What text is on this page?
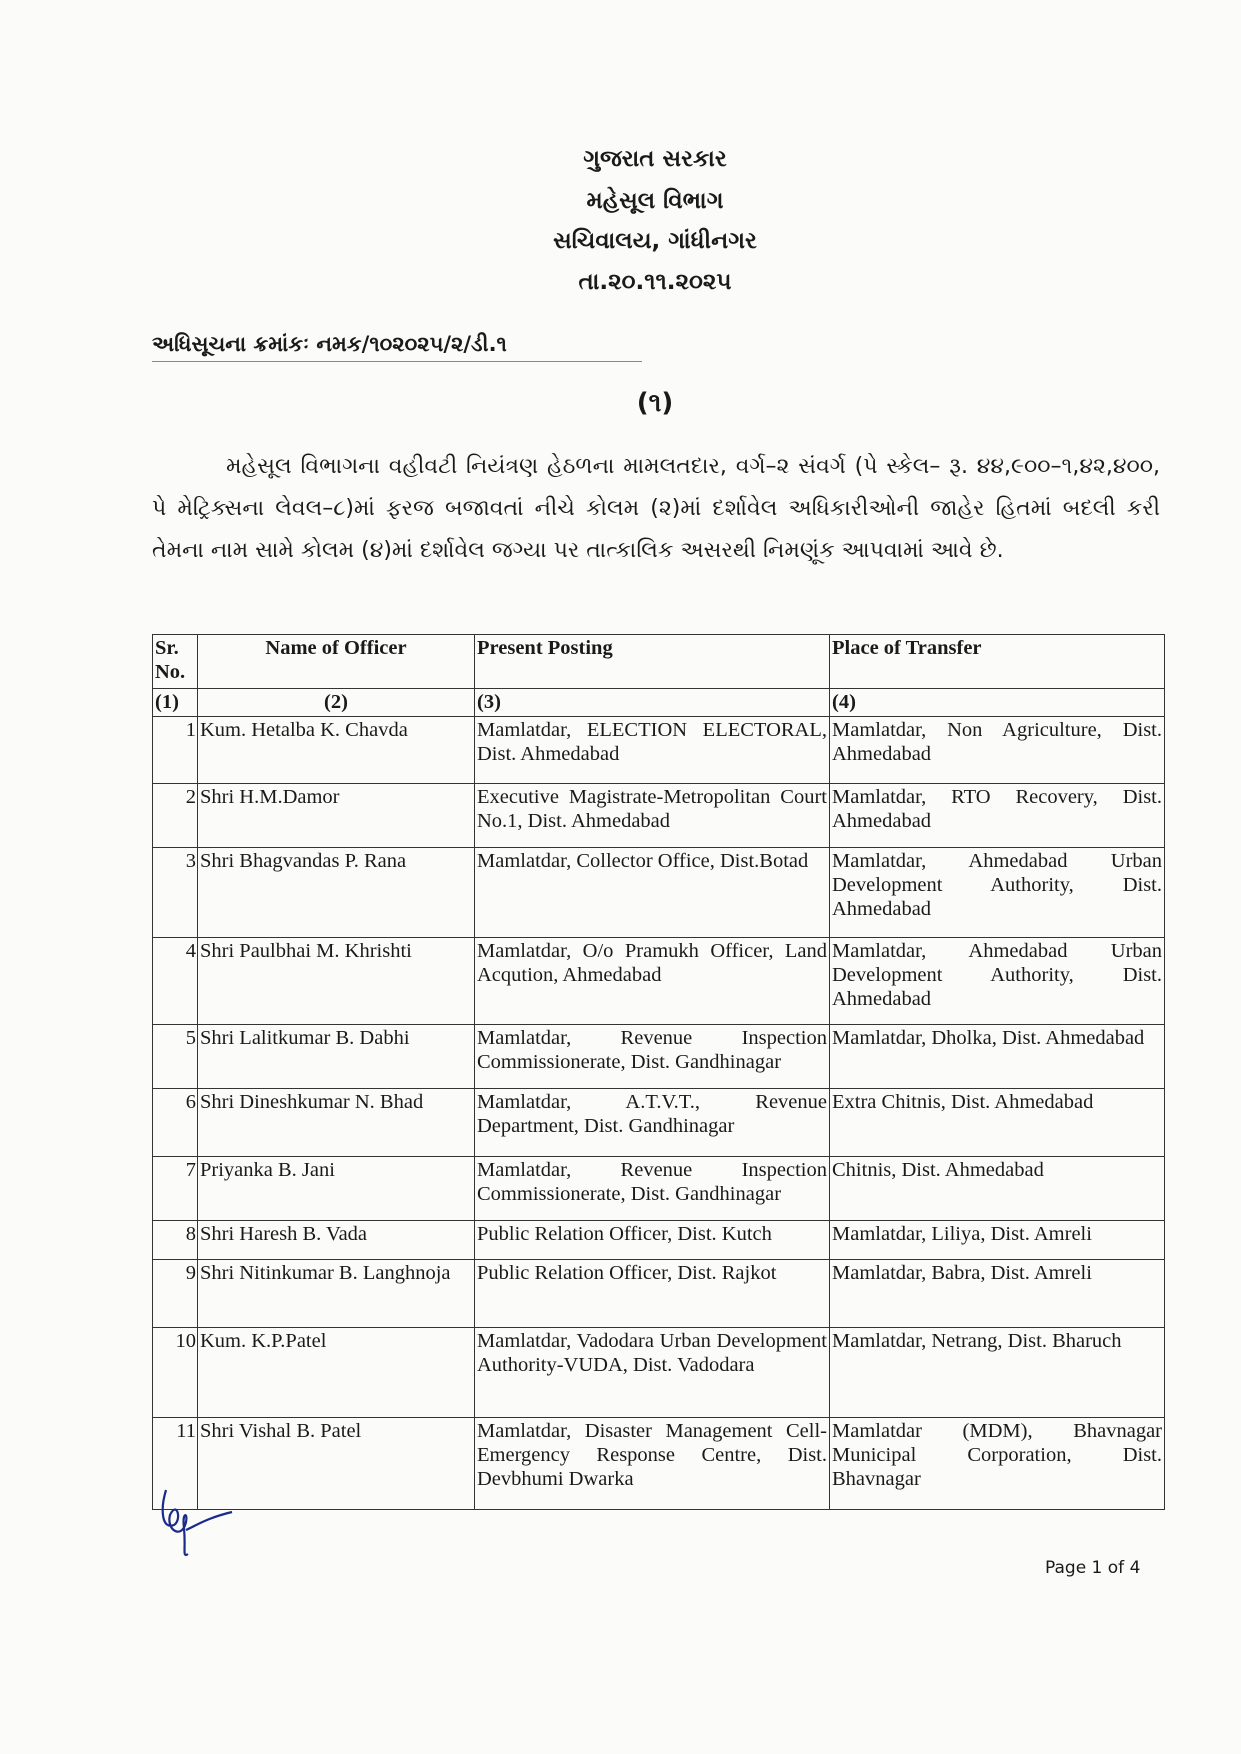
ગુજરાત સરકાર
મહેસૂલ વિભાગ
સચિવાલય, ગાંધીનગર
તા.૨૦.૧૧.૨૦૨૫
અધિસૂચના ક્રમાંકઃ નમક/૧૦૨૦૨૫/૨/ડી.૧
(૧)
મહેસૂલ વિભાગના વહીવટી નિયંત્રણ હેઠળના મામલતદાર, વર્ગ–૨ સંવર્ગ (પે સ્કેલ– રૂ. ૪૪,૯૦૦–૧,૪૨,૪૦૦, પે મેટ્રિક્સના લેવલ–૮)માં ફરજ બજાવતાં નીચે કોલમ (૨)માં દર્શાવેલ અધિકારીઓની જાહેર હિતમાં બદલી કરી તેમના નામ સામે કોલમ (૪)માં દર્શાવેલ જગ્યા પર તાત્કાલિક અસરથી નિમણૂંક આપવામાં આવે છે.
Sr. No.	Name of Officer	Present Posting	Place of Transfer
(1)	(2)	(3)	(4)
1	Kum. Hetalba K. Chavda	Mamlatdar, ELECTION ELECTORAL, Dist. Ahmedabad	Mamlatdar, Non Agriculture, Dist. Ahmedabad
2	Shri H.M.Damor	Executive Magistrate-Metropolitan Court No.1, Dist. Ahmedabad	Mamlatdar, RTO Recovery, Dist. Ahmedabad
3	Shri Bhagvandas P. Rana	Mamlatdar, Collector Office, Dist.Botad	Mamlatdar, Ahmedabad Urban Development Authority, Dist. Ahmedabad
4	Shri Paulbhai M. Khrishti	Mamlatdar, O/o Pramukh Officer, Land Acqution, Ahmedabad	Mamlatdar, Ahmedabad Urban Development Authority, Dist. Ahmedabad
5	Shri Lalitkumar B. Dabhi	Mamlatdar, Revenue Inspection Commissionerate, Dist. Gandhinagar	Mamlatdar, Dholka, Dist. Ahmedabad
6	Shri Dineshkumar N. Bhad	Mamlatdar, A.T.V.T., Revenue Department, Dist. Gandhinagar	Extra Chitnis, Dist. Ahmedabad
7	Priyanka B. Jani	Mamlatdar, Revenue Inspection Commissionerate, Dist. Gandhinagar	Chitnis, Dist. Ahmedabad
8	Shri Haresh B. Vada	Public Relation Officer, Dist. Kutch	Mamlatdar, Liliya, Dist. Amreli
9	Shri Nitinkumar B. Langhnoja	Public Relation Officer, Dist. Rajkot	Mamlatdar, Babra, Dist. Amreli
10	Kum. K.P.Patel	Mamlatdar, Vadodara Urban Development Authority-VUDA, Dist. Vadodara	Mamlatdar, Netrang, Dist. Bharuch
11	Shri Vishal B. Patel	Mamlatdar, Disaster Management Cell-Emergency Response Centre, Dist. Devbhumi Dwarka	Mamlatdar (MDM), Bhavnagar Municipal Corporation, Dist. Bhavnagar
Page 1 of 4
